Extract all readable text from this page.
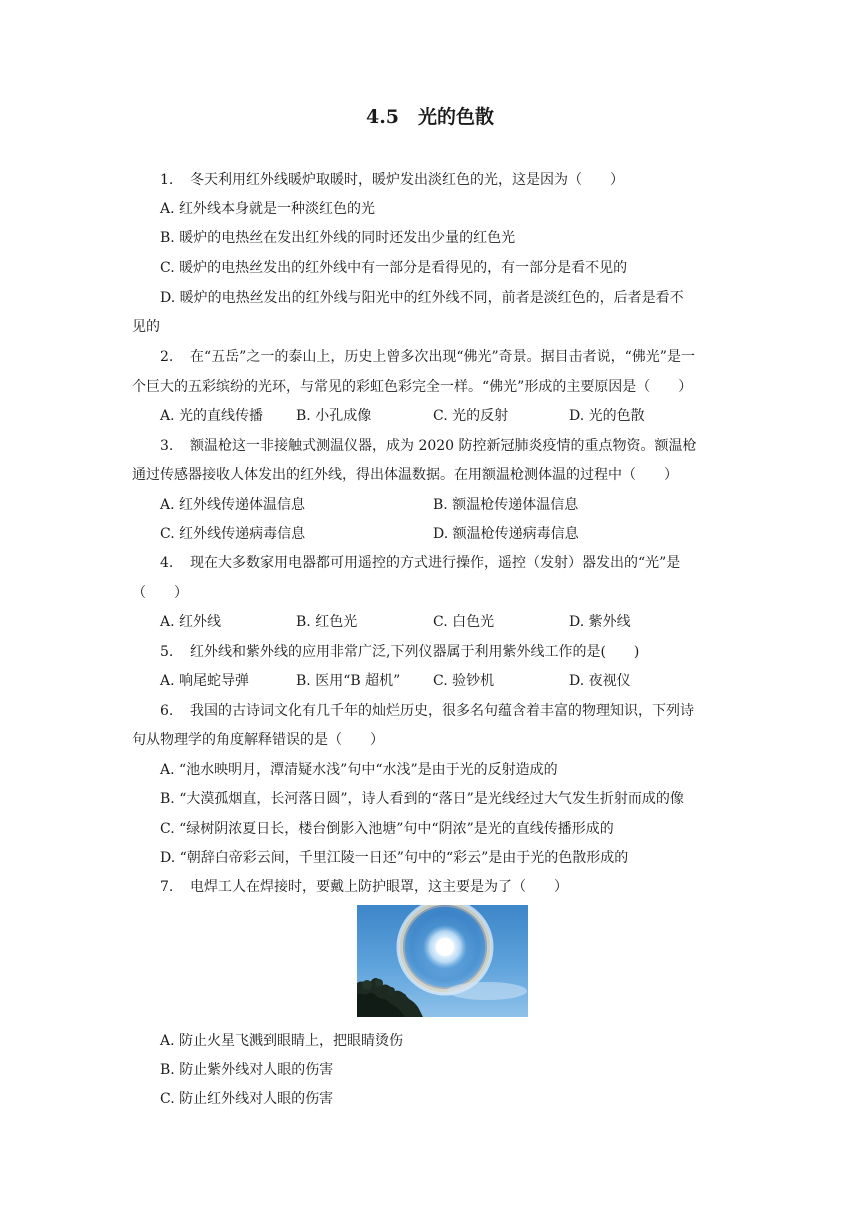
4.5　光的色散
1. 冬天利用红外线暖炉取暖时，暖炉发出淡红色的光，这是因为（　　）
A. 红外线本身就是一种淡红色的光
B. 暖炉的电热丝在发出红外线的同时还发出少量的红色光
C. 暖炉的电热丝发出的红外线中有一部分是看得见的，有一部分是看不见的
D. 暖炉的电热丝发出的红外线与阳光中的红外线不同，前者是淡红色的，后者是看不
见的
2. 在“五岳”之一的泰山上，历史上曾多次出现“佛光”奇景。据目击者说，“佛光”是一
个巨大的五彩缤纷的光环，与常见的彩虹色彩完全一样。“佛光”形成的主要原因是（　　）
A. 光的直线传播 B. 小孔成像	C. 光的反射	D. 光的色散
3. 额温枪这一非接触式测温仪器，成为 2020 防控新冠肺炎疫情的重点物资。额温枪
通过传感器接收人体发出的红外线，得出体温数据。在用额温枪测体温的过程中（　　）
A. 红外线传递体温信息	B. 额温枪传递体温信息
C. 红外线传递病毒信息	D. 额温枪传递病毒信息
4. 现在大多数家用电器都可用遥控的方式进行操作，遥控（发射）器发出的“光”是
（　　）
A. 红外线	B. 红色光	C. 白色光	D. 紫外线
5. 红外线和紫外线的应用非常广泛,下列仪器属于利用紫外线工作的是(　　)
A. 响尾蛇导弹	B. 医用“B 超机” C. 验钞机	D. 夜视仪
6. 我国的古诗词文化有几千年的灿烂历史，很多名句蕴含着丰富的物理知识，下列诗
句从物理学的角度解释错误的是（　　）
A. “池水映明月，潭清疑水浅”句中“水浅”是由于光的反射造成的
B. “大漠孤烟直，长河落日圆”，诗人看到的“落日”是光线经过大气发生折射而成的像
C. “绿树阴浓夏日长，楼台倒影入池塘”句中“阴浓”是光的直线传播形成的
D. “朝辞白帝彩云间，千里江陵一日还”句中的“彩云”是由于光的色散形成的
7. 电焊工人在焊接时，要戴上防护眼罩，这主要是为了（　　）
A. 防止火星飞溅到眼睛上，把眼睛烫伤
B. 防止紫外线对人眼的伤害
C. 防止红外线对人眼的伤害
